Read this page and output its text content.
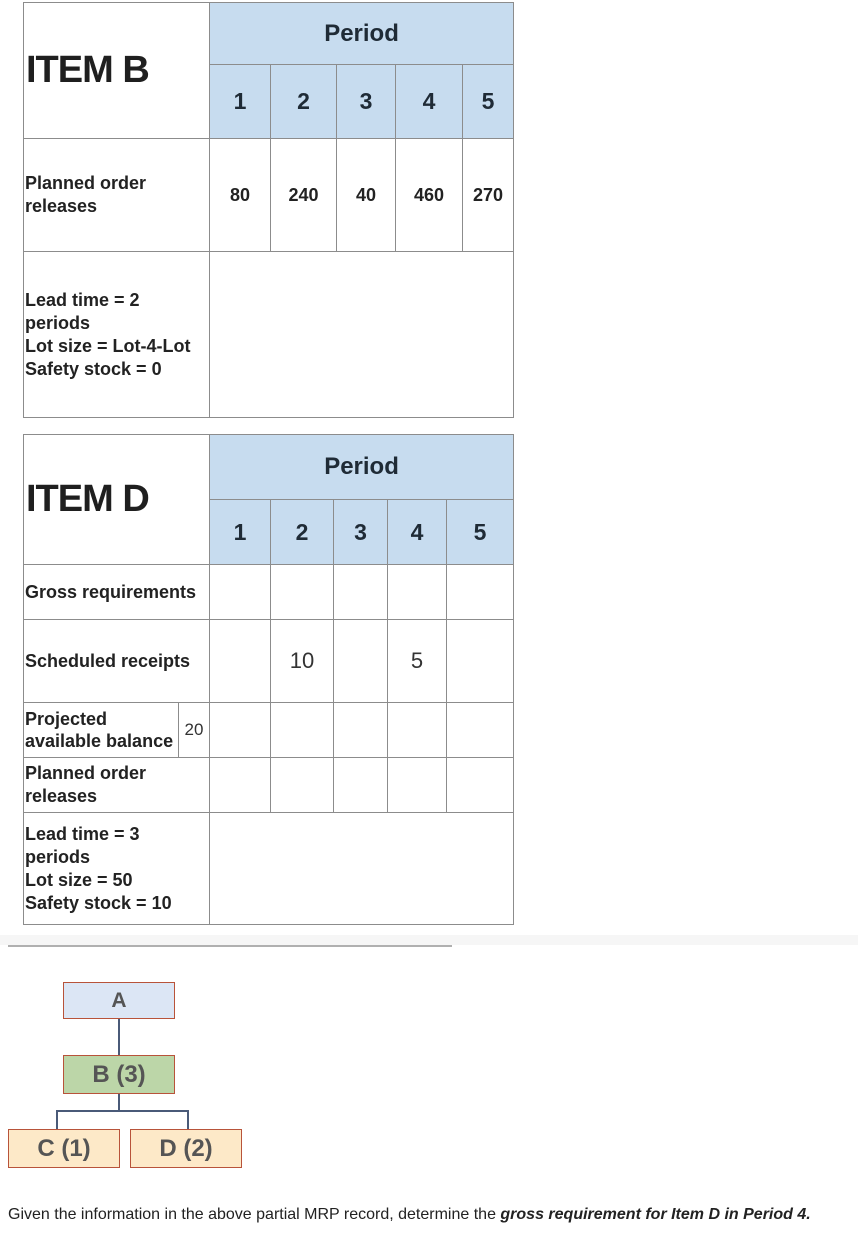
ITEM B	Period				
	1	2	3	4	5
Planned order releases	80	240	40	460	270

Lead time = 2 periods
Lot size = Lot-4-Lot
Safety stock = 0					

ITEM D		Period				
		1	2	3	4	5
Gross requirements						
Scheduled receipts			10		5	
Projected available balance	20					
Planned order releases						

Lead time = 3 periods
Lot size = 50
Safety stock = 10						

A
B (3)
C (1)	D (2)
Given the information in the above partial MRP record, determine the gross requirement for Item D in Period 4.
